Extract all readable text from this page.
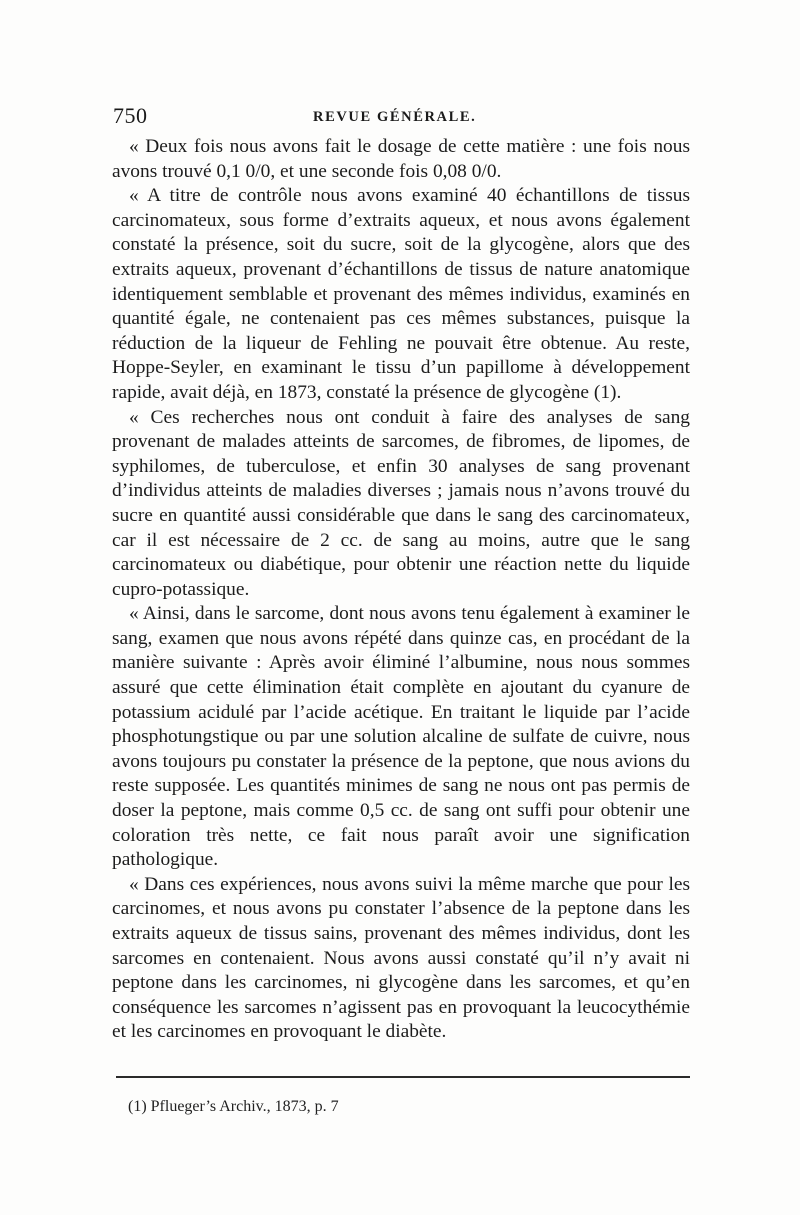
750	REVUE GÉNÉRALE.

« Deux fois nous avons fait le dosage de cette matière : une fois nous avons trouvé 0,1 0/0, et une seconde fois 0,08 0/0.

« A titre de contrôle nous avons examiné 40 échantillons de tissus carcinomateux, sous forme d’extraits aqueux, et nous avons également constaté la présence, soit du sucre, soit de la glycogène, alors que des extraits aqueux, provenant d’échantillons de tissus de nature anatomique identiquement semblable et provenant des mêmes individus, examinés en quantité égale, ne contenaient pas ces mêmes substances, puisque la réduction de la liqueur de Fehling ne pouvait être obtenue. Au reste, Hoppe-Seyler, en examinant le tissu d’un papillome à développement rapide, avait déjà, en 1873, constaté la présence de glycogène (1).

« Ces recherches nous ont conduit à faire des analyses de sang provenant de malades atteints de sarcomes, de fibromes, de lipomes, de syphilomes, de tuberculose, et enfin 30 analyses de sang provenant d’individus atteints de maladies diverses ; jamais nous n’avons trouvé du sucre en quantité aussi considérable que dans le sang des carcinomateux, car il est nécessaire de 2 cc. de sang au moins, autre que le sang carcinomateux ou diabétique, pour obtenir une réaction nette du liquide cupro-potassique.

« Ainsi, dans le sarcome, dont nous avons tenu également à examiner le sang, examen que nous avons répété dans quinze cas, en procédant de la manière suivante : Après avoir éliminé l’albumine, nous nous sommes assuré que cette élimination était complète en ajoutant du cyanure de potassium acidulé par l’acide acétique. En traitant le liquide par l’acide phosphotungstique ou par une solution alcaline de sulfate de cuivre, nous avons toujours pu constater la présence de la peptone, que nous avions du reste supposée. Les quantités minimes de sang ne nous ont pas permis de doser la peptone, mais comme 0,5 cc. de sang ont suffi pour obtenir une coloration très nette, ce fait nous paraît avoir une signification pathologique.

« Dans ces expériences, nous avons suivi la même marche que pour les carcinomes, et nous avons pu constater l’absence de la peptone dans les extraits aqueux de tissus sains, provenant des mêmes individus, dont les sarcomes en contenaient. Nous avons aussi constaté qu’il n’y avait ni peptone dans les carcinomes, ni glycogène dans les sarcomes, et qu’en conséquence les sarcomes n’agissent pas en provoquant la leucocythémie et les carcinomes en provoquant le diabète.

(1) Pflueger’s Archiv., 1873, p. 7
